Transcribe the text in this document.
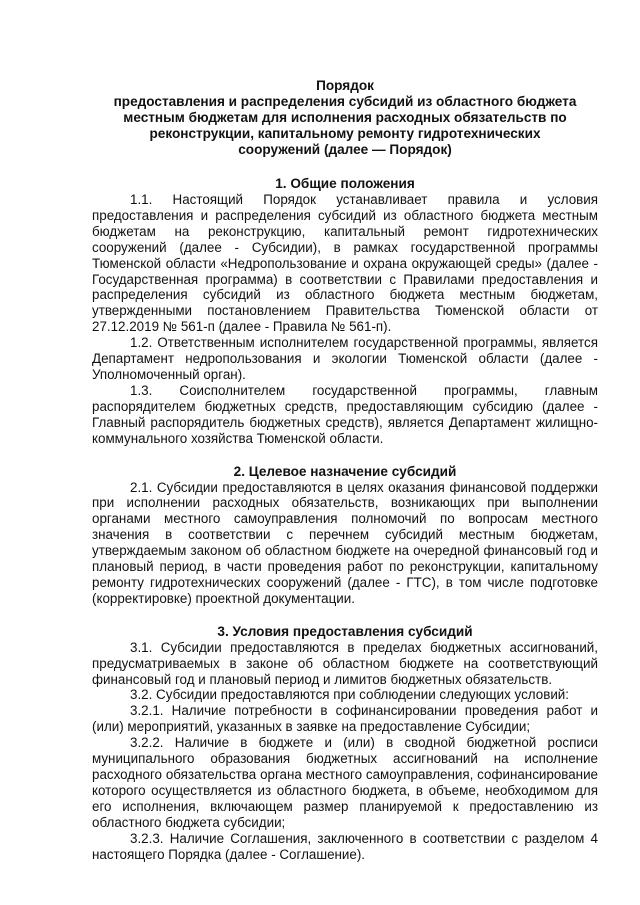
Порядок
предоставления и распределения субсидий из областного бюджета
местным бюджетам для исполнения расходных обязательств по
реконструкции, капитальному ремонту гидротехнических
сооружений (далее — Порядок)
1. Общие положения

1.1. Настоящий Порядок устанавливает правила и условия предоставления и распределения субсидий из областного бюджета местным бюджетам на реконструкцию, капитальный ремонт гидротехнических сооружений (далее - Субсидии), в рамках государственной программы Тюменской области «Недропользование и охрана окружающей среды» (далее - Государственная программа) в соответствии с Правилами предоставления и распределения субсидий из областного бюджета местным бюджетам, утвержденными постановлением Правительства Тюменской области от 27.12.2019 № 561-п (далее - Правила № 561-п).

1.2. Ответственным исполнителем государственной программы, является Департамент недропользования и экологии Тюменской области (далее - Уполномоченный орган).

1.3. Соисполнителем государственной программы, главным распорядителем бюджетных средств, предоставляющим субсидию (далее - Главный распорядитель бюджетных средств), является Департамент жилищно-коммунального хозяйства Тюменской области.

2. Целевое назначение субсидий

2.1. Субсидии предоставляются в целях оказания финансовой поддержки при исполнении расходных обязательств, возникающих при выполнении органами местного самоуправления полномочий по вопросам местного значения в соответствии с перечнем субсидий местным бюджетам, утверждаемым законом об областном бюджете на очередной финансовый год и плановый период, в части проведения работ по реконструкции, капитальному ремонту гидротехнических сооружений (далее - ГТС), в том числе подготовке (корректировке) проектной документации.

3. Условия предоставления субсидий

3.1. Субсидии предоставляются в пределах бюджетных ассигнований, предусматриваемых в законе об областном бюджете на соответствующий финансовый год и плановый период и лимитов бюджетных обязательств.

3.2. Субсидии предоставляются при соблюдении следующих условий:

3.2.1. Наличие потребности в софинансировании проведения работ и (или) мероприятий, указанных в заявке на предоставление Субсидии;

3.2.2. Наличие в бюджете и (или) в сводной бюджетной росписи муниципального образования бюджетных ассигнований на исполнение расходного обязательства органа местного самоуправления, софинансирование которого осуществляется из областного бюджета, в объеме, необходимом для его исполнения, включающем размер планируемой к предоставлению из областного бюджета субсидии;

3.2.3. Наличие Соглашения, заключенного в соответствии с разделом 4 настоящего Порядка (далее - Соглашение).
